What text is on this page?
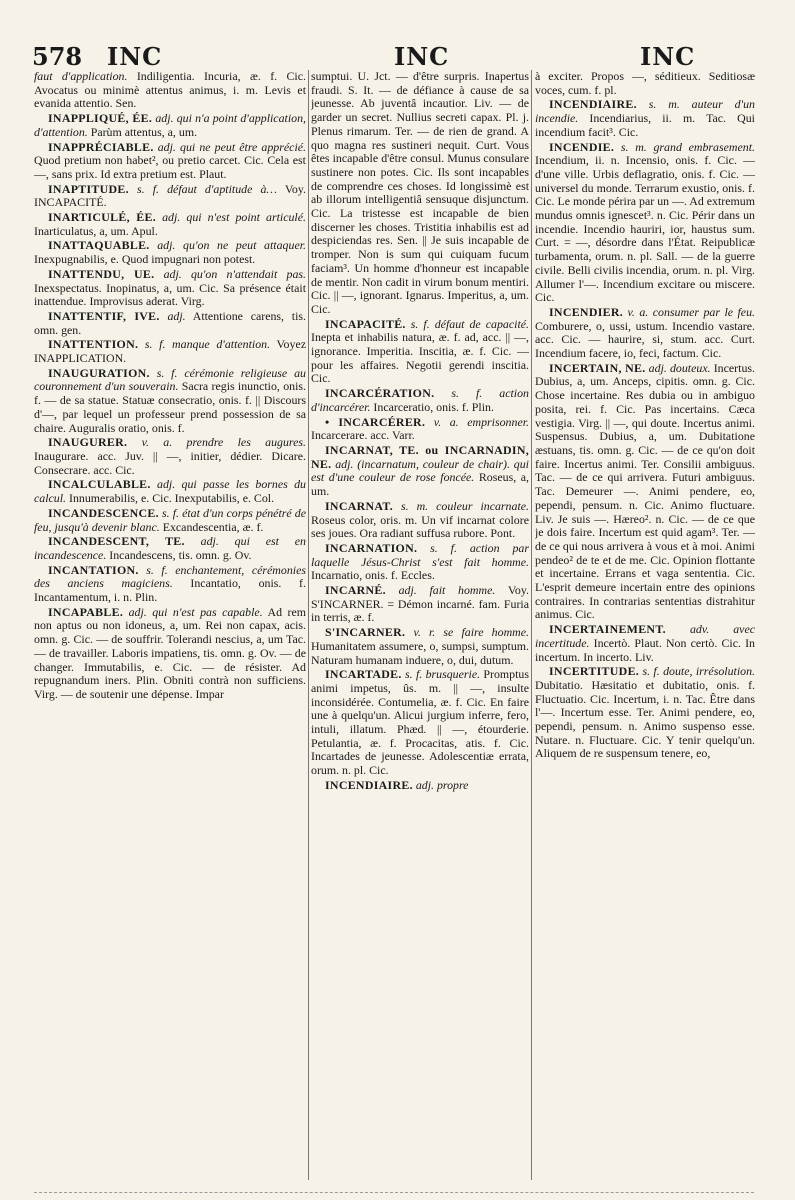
578 INC	INC	INC
faut d'application. Indiligentia. Incuria, æ. f. Cic. Avocatus ou minimè attentus animus, i. m. Levis et evanida attentio. Sen.
INAPPLIQUÉ, ÉE. adj. qui n'a point d'application, d'attention. Parùm attentus, a, um.
INAPPRÉCIABLE. adj. qui ne peut être apprécié. Quod pretium non habet², ou pretio carcet. Cic. Cela est —, sans prix. Id extra pretium est. Plaut.
INAPTITUDE. s. f. défaut d'aptitude à… Voy. INCAPACITÉ.
INARTICULÉ, ÉE. adj. qui n'est point articulé. Inarticulatus, a, um. Apul.
INATTAQUABLE. adj. qu'on ne peut attaquer. Inexpugnabilis, e. Quod impugnari non potest.
INATTENDU, UE. adj. qu'on n'attendait pas. Inexspectatus. Inopinatus, a, um. Cic. Sa présence était inattendue. Improvisus aderat. Virg.
INATTENTIF, IVE. adj. Attentione carens, tis. omn. gen.
INATTENTION. s. f. manque d'attention. Voyez INAPPLICATION.
INAUGURATION. s. f. cérémonie religieuse au couronnement d'un souverain. Sacra regis inunctio, onis. f. — de sa statue. Statuæ consecratio, onis. f. || Discours d'—, par lequel un professeur prend possession de sa chaire. Auguralis oratio, onis. f.
INAUGURER. v. a. prendre les augures. Inaugurare. acc. Juv. || —, initier, dédier. Dicare. Consecrare. acc. Cic.
INCALCULABLE. adj. qui passe les bornes du calcul. Innumerabilis, e. Cic. Inexputabilis, e. Col.
INCANDESCENCE. s. f. état d'un corps pénétré de feu, jusqu'à devenir blanc. Excandescentia, æ. f.
INCANDESCENT, TE. adj. qui est en incandescence. Incandescens, tis. omn. g. Ov.
INCANTATION. s. f. enchantement, cérémonies des anciens magiciens. Incantatio, onis. f. Incantamentum, i. n. Plin.
INCAPABLE. adj. qui n'est pas capable. Ad rem non aptus ou non idoneus, a, um. Rei non capax, acis. omn. g. Cic. — de souffrir. Tolerandi nescius, a, um Tac. — de travailler. Laboris impatiens, tis. omn. g. Ov. — de changer. Immutabilis, e. Cic. — de résister. Ad repugnandum iners. Plin. Obniti contrà non sufficiens. Virg. — de soutenir une dépense. Impar
sumptui. U. Jct. — d'être surpris. Inapertus fraudi. S. It. — de défiance à cause de sa jeunesse. Ab juventâ incautior. Liv. — de garder un secret. Nullius secreti capax. Pl. j. Plenus rimarum. Ter. — de rien de grand. A quo magna res sustineri nequit. Curt. Vous êtes incapable d'être consul. Munus consulare sustinere non potes. Cic. Ils sont incapables de comprendre ces choses. Id longissimè est ab illorum intelligentiâ sensuque disjunctum. Cic. La tristesse est incapable de bien discerner les choses. Tristitia inhabilis est ad despiciendas res. Sen. || Je suis incapable de tromper. Non is sum qui cuiquam fucum faciam³. Un homme d'honneur est incapable de mentir. Non cadit in virum bonum mentiri. Cic. || —, ignorant. Ignarus. Imperitus, a, um. Cic.
INCAPACITÉ. s. f. défaut de capacité. Inepta et inhabilis natura, æ. f. ad, acc. || —, ignorance. Imperitia. Inscitia, æ. f. Cic. — pour les affaires. Negotii gerendi inscitia. Cic.
INCARCÉRATION. s. f. action d'incarcérer. Incarceratio, onis. f. Plin.
• INCARCÉRER. v. a. emprisonner. Incarcerare. acc. Varr.
INCARNAT, TE. ou INCARNADIN, NE. adj. (incarnatum, couleur de chair). qui est d'une couleur de rose foncée. Roseus, a, um.
INCARNAT. s. m. couleur incarnate. Roseus color, oris. m. Un vif incarnat colore ses joues. Ora radiant suffusa rubore. Pont.
INCARNATION. s. f. action par laquelle Jésus-Christ s'est fait homme. Incarnatio, onis. f. Eccles.
INCARNÉ. adj. fait homme. Voy. S'INCARNER. = Démon incarné. fam. Furia in terris, æ. f.
S'INCARNER. v. r. se faire homme. Humanitatem assumere, o, sumpsi, sumptum. Naturam humanam induere, o, dui, dutum.
INCARTADE. s. f. brusquerie. Promptus animi impetus, ûs. m. || —, insulte inconsidérée. Contumelia, æ. f. Cic. En faire une à quelqu'un. Alicui jurgium inferre, fero, intuli, illatum. Phæd. || —, étourderie. Petulantia, æ. f. Procacitas, atis. f. Cic. Incartades de jeunesse. Adolescentiæ errata, orum. n. pl. Cic.
INCENDIAIRE. adj. propre
à exciter. Propos —, séditieux. Seditiosæ voces, cum. f. pl.
INCENDIAIRE. s. m. auteur d'un incendie. Incendiarius, ii. m. Tac. Qui incendium facit³. Cic.
INCENDIE. s. m. grand embrasement. Incendium, ii. n. Incensio, onis. f. Cic. — d'une ville. Urbis deflagratio, onis. f. Cic. — universel du monde. Terrarum exustio, onis. f. Cic. Le monde périra par un —. Ad extremum mundus omnis ignescet³. n. Cic. Périr dans un incendie. Incendio hauriri, ior, haustus sum. Curt. = —, désordre dans l'État. Reipublicæ turbamenta, orum. n. pl. Sall. — de la guerre civile. Belli civilis incendia, orum. n. pl. Virg. Allumer l'—. Incendium excitare ou miscere. Cic.
INCENDIER. v. a. consumer par le feu. Comburere, o, ussi, ustum. Incendio vastare. acc. Cic. — haurire, si, stum. acc. Curt. Incendium facere, io, feci, factum. Cic.
INCERTAIN, NE. adj. douteux. Incertus. Dubius, a, um. Anceps, cipitis. omn. g. Cic. Chose incertaine. Res dubia ou in ambiguo posita, rei. f. Cic. Pas incertains. Cæca vestigia. Virg. || —, qui doute. Incertus animi. Suspensus. Dubius, a, um. Dubitatione æstuans, tis. omn. g. Cic. — de ce qu'on doit faire. Incertus animi. Ter. Consilii ambiguus. Tac. — de ce qui arrivera. Futuri ambiguus. Tac. Demeurer —. Animi pendere, eo, pependi, pensum. n. Cic. Animo fluctuare. Liv. Je suis —. Hæreo². n. Cic. — de ce que je dois faire. Incertum est quid agam³. Ter. — de ce qui nous arrivera à vous et à moi. Animi pendeo² de te et de me. Cic. Opinion flottante et incertaine. Errans et vaga sententia. Cic. L'esprit demeure incertain entre des opinions contraires. In contrarias sententias distrahitur animus. Cic.
INCERTAINEMENT. adv. avec incertitude. Incertò. Plaut. Non certò. Cic. In incertum. In incerto. Liv.
INCERTITUDE. s. f. doute, irrésolution. Dubitatio. Hæsitatio et dubitatio, onis. f. Fluctuatio. Cic. Incertum, i. n. Tac. Être dans l'—. Incertum esse. Ter. Animi pendere, eo, pependi, pensum. n. Animo suspenso esse. Nutare. n. Fluctuare. Cic. Y tenir quelqu'un. Aliquem de re suspensum tenere, eo,
